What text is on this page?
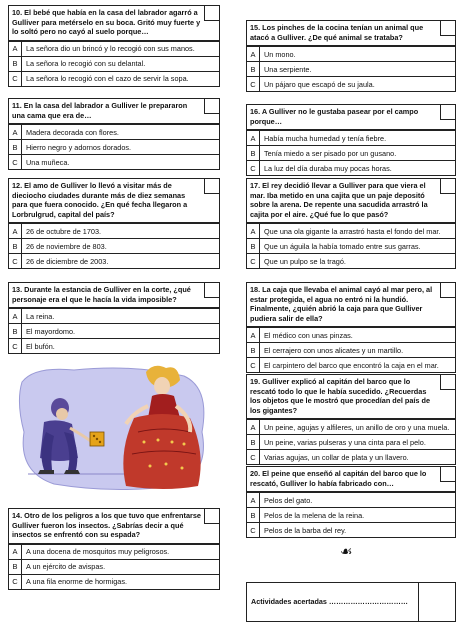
10. El bebé que había en la casa del labrador agarró a Gulliver para metérselo en su boca. Gritó muy fuerte y lo soltó pero no cayó al suelo porque…
A	La señora dio un brincó y lo recogió con sus manos.
B	La señora lo recogió con su delantal.
C	La señora lo recogió con el cazo de servir la sopa.
11. En la casa del labrador a Gulliver le prepararon una cama que era de…
A	Madera decorada con flores.
B	Hierro negro y adornos dorados.
C	Una muñeca.
12. El amo de Gulliver lo llevó a visitar más de dieciocho ciudades durante más de diez semanas para que fuera conocido. ¿En qué fecha llegaron a Lorbrulgrud, capital del país?
A	26 de octubre de 1703.
B	26 de noviembre de 803.
C	26 de diciembre de 2003.
13. Durante la estancia de Gulliver en la corte, ¿qué personaje era el que le hacía la vida imposible?
A	La reina.
B	El mayordomo.
C	El bufón.
14. Otro de los peligros a los que tuvo que enfrentarse Gulliver fueron los insectos. ¿Sabrías decir a qué insectos se enfrentó con su espada?
A	A una docena de mosquitos muy peligrosos.
B	A un ejército de avispas.
C	A una fila enorme de hormigas.
15. Los pinches de la cocina tenían un animal que atacó a Gulliver. ¿De qué animal se trataba?
A	Un mono.
B	Una serpiente.
C	Un pájaro que escapó de su jaula.
16. A Gulliver no le gustaba pasear por el campo porque…
A	Había mucha humedad y tenía fiebre.
B	Tenía miedo a ser pisado por un gusano.
C	La luz del día duraba muy pocas horas.
17. El rey decidió llevar a Gulliver para que viera el mar. Iba metido en una cajita que un paje depositó sobre la arena. De repente una sacudida arrastró la cajita por el aire. ¿Qué fue lo que pasó?
A	Que una ola gigante la arrastró hasta el fondo del mar.
B	Que un águila la había tomado entre sus garras.
C	Que un pulpo se la tragó.
18. La caja que llevaba el animal cayó al mar pero, al estar protegida, el agua no entró ni la hundió. Finalmente, ¿quién abrió la caja para que Gulliver pudiera salir de ella?
A	El médico con unas pinzas.
B	El cerrajero con unos alicates y un martillo.
C	El carpintero del barco que encontró la caja en el mar.
19. Gulliver explicó al capitán del barco que lo rescató todo lo que le había sucedido. ¿Recuerdas los objetos que le mostró que procedían del país de los gigantes?
A	Un peine, agujas y alfileres, un anillo de oro y una muela.
B	Un peine, varias pulseras y una cinta para el pelo.
C	Varias agujas, un collar de plata y un llavero.
20. El peine que enseñó al capitán del barco que lo rescató, Gulliver lo había fabricado con…
A	Pelos del gato.
B	Pelos de la melena de la reina.
C	Pelos de la barba del rey.
☙
Actividades acertadas ……………………………
